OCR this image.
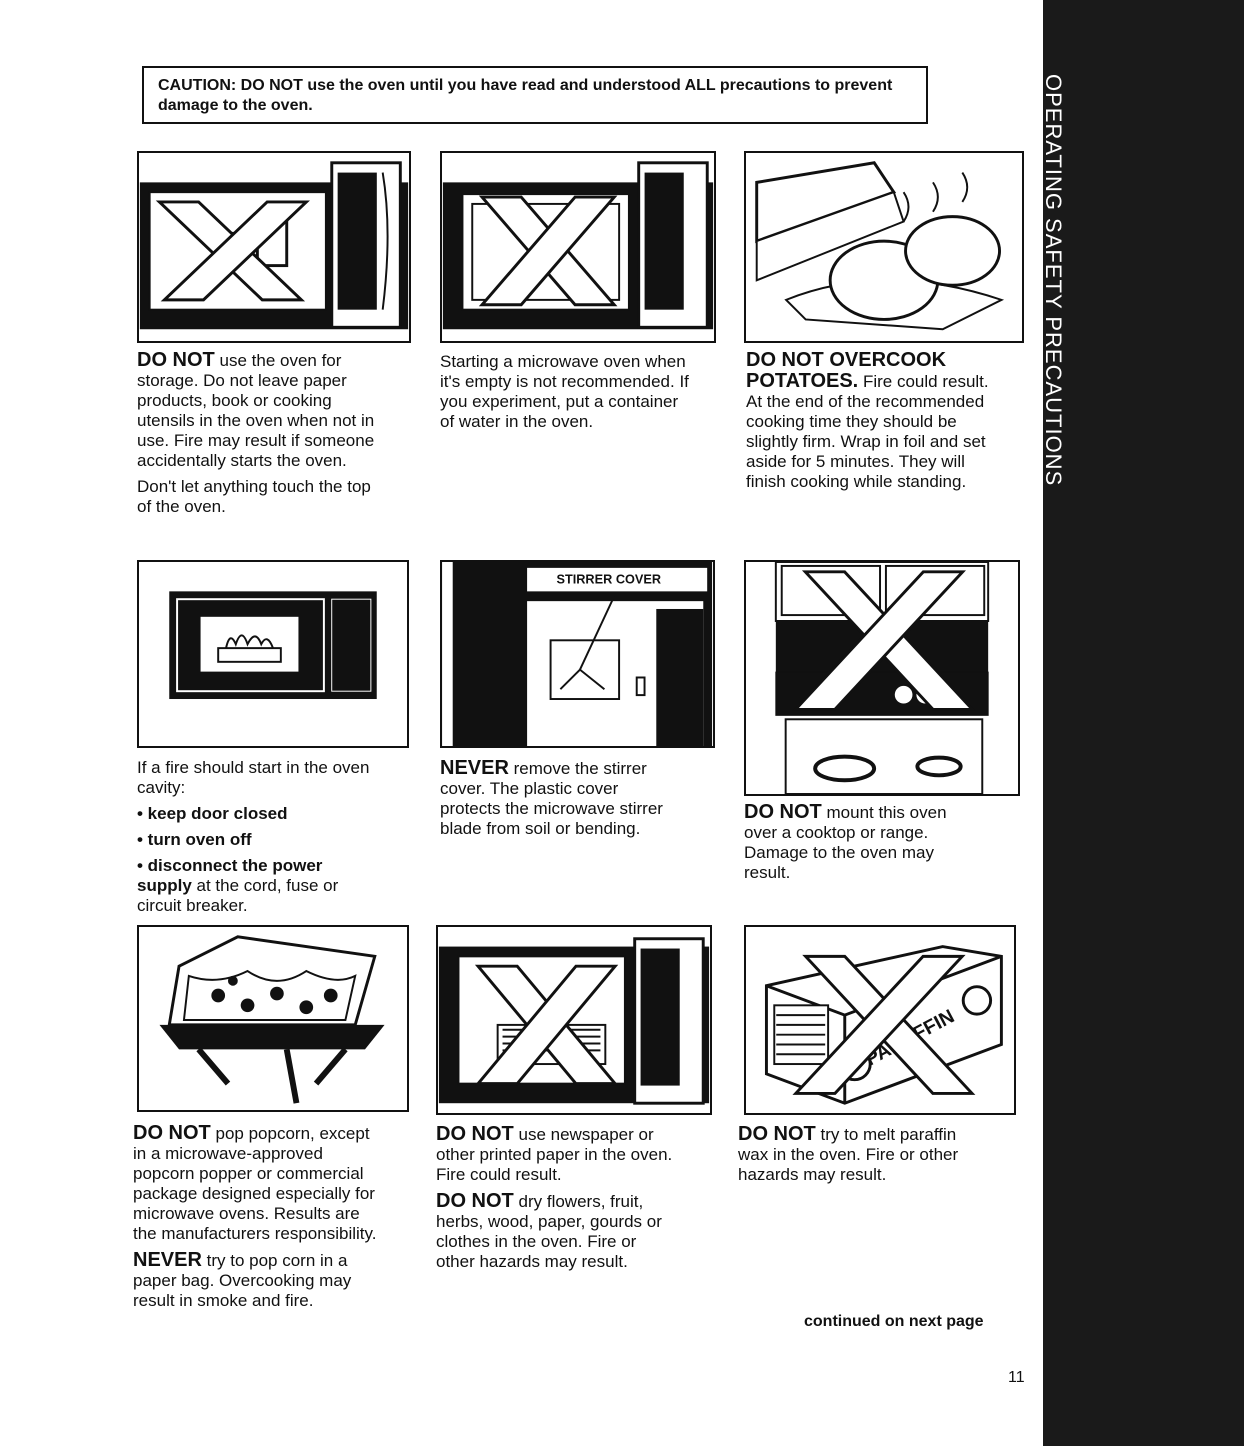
OPERATING SAFETY PRECAUTIONS
CAUTION: DO NOT use the oven until you have read and understood ALL precautions to prevent damage to the oven.

DO NOT use the oven for storage. Do not leave paper products, book or cooking utensils in the oven when not in use. Fire may result if someone accidentally starts the oven.

Don't let anything touch the top of the oven.

Starting a microwave oven when it's empty is not recommended. If you experiment, put a container of water in the oven.

DO NOT OVERCOOK POTATOES. Fire could result. At the end of the recommended cooking time they should be slightly firm. Wrap in foil and set aside for 5 minutes. They will finish cooking while standing.

STIRRER COVER

If a fire should start in the oven cavity:

• keep door closed

• turn oven off

• disconnect the power supply at the cord, fuse or circuit breaker.

NEVER remove the stirrer cover. The plastic cover protects the microwave stirrer blade from soil or bending.

DO NOT mount this oven over a cooktop or range. Damage to the oven may result.

DO NOT pop popcorn, except in a microwave-approved popcorn popper or commercial package designed especially for microwave ovens. Results are the manufacturers responsibility.

NEVER try to pop corn in a paper bag. Overcooking may result in smoke and fire.

DO NOT use newspaper or other printed paper in the oven. Fire could result.

DO NOT dry flowers, fruit, herbs, wood, paper, gourds or clothes in the oven. Fire or other hazards may result.

DO NOT try to melt paraffin wax in the oven. Fire or other hazards may result.

continued on next page
11
